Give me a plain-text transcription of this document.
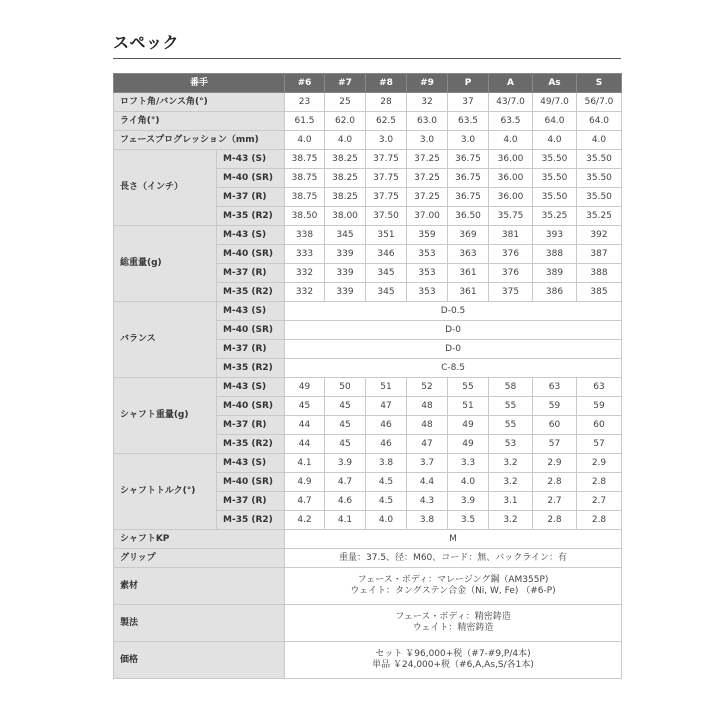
スペック
番手		#6	#7	#8	#9	P	A	As	S
ロフト角/バンス角(°)		23	25	28	32	37	43/7.0	49/7.0	56/7.0
ライ角(°)		61.5	62.0	62.5	63.0	63.5	63.5	64.0	64.0
フェースプログレッション（mm)		4.0	4.0	3.0	3.0	3.0	4.0	4.0	4.0
長さ（インチ）	M-43 (S)	38.75	38.25	37.75	37.25	36.75	36.00	35.50	35.50
	M-40 (SR)	38.75	38.25	37.75	37.25	36.75	36.00	35.50	35.50
	M-37 (R)	38.75	38.25	37.75	37.25	36.75	36.00	35.50	35.50
	M-35 (R2)	38.50	38.00	37.50	37.00	36.50	35.75	35.25	35.25
総重量(g)	M-43 (S)	338	345	351	359	369	381	393	392
	M-40 (SR)	333	339	346	353	363	376	388	387
	M-37 (R)	332	339	345	353	361	376	389	388
	M-35 (R2)	332	339	345	353	361	375	386	385
バランス	M-43 (S)	D-0.5							
	M-40 (SR)	D-0							
	M-37 (R)	D-0							
	M-35 (R2)	C-8.5							
シャフト重量(g)	M-43 (S)	49	50	51	52	55	58	63	63
	M-40 (SR)	45	45	47	48	51	55	59	59
	M-37 (R)	44	45	46	48	49	55	60	60
	M-35 (R2)	44	45	46	47	49	53	57	57
シャフトトルク(°)	M-43 (S)	4.1	3.9	3.8	3.7	3.3	3.2	2.9	2.9
	M-40 (SR)	4.9	4.7	4.5	4.4	4.0	3.2	2.8	2.8
	M-37 (R)	4.7	4.6	4.5	4.3	3.9	3.1	2.7	2.7
	M-35 (R2)	4.2	4.1	4.0	3.8	3.5	3.2	2.8	2.8
シャフトKP		M							

グリップ		重量：37.5、径：M60、コード：無、バックライン：有							

素材		フェース・ボディ：マレージング鋼（AM355P)
ウェイト：タングステン合金（Ni, W, Fe) （#6-P)							

製法		フェース・ボディ：精密鋳造
ウェイト：精密鋳造							

価格		セット ￥96,000+税（#7-#9,P/4本)
単品 ￥24,000+税（#6,A,As,S/各1本)							
